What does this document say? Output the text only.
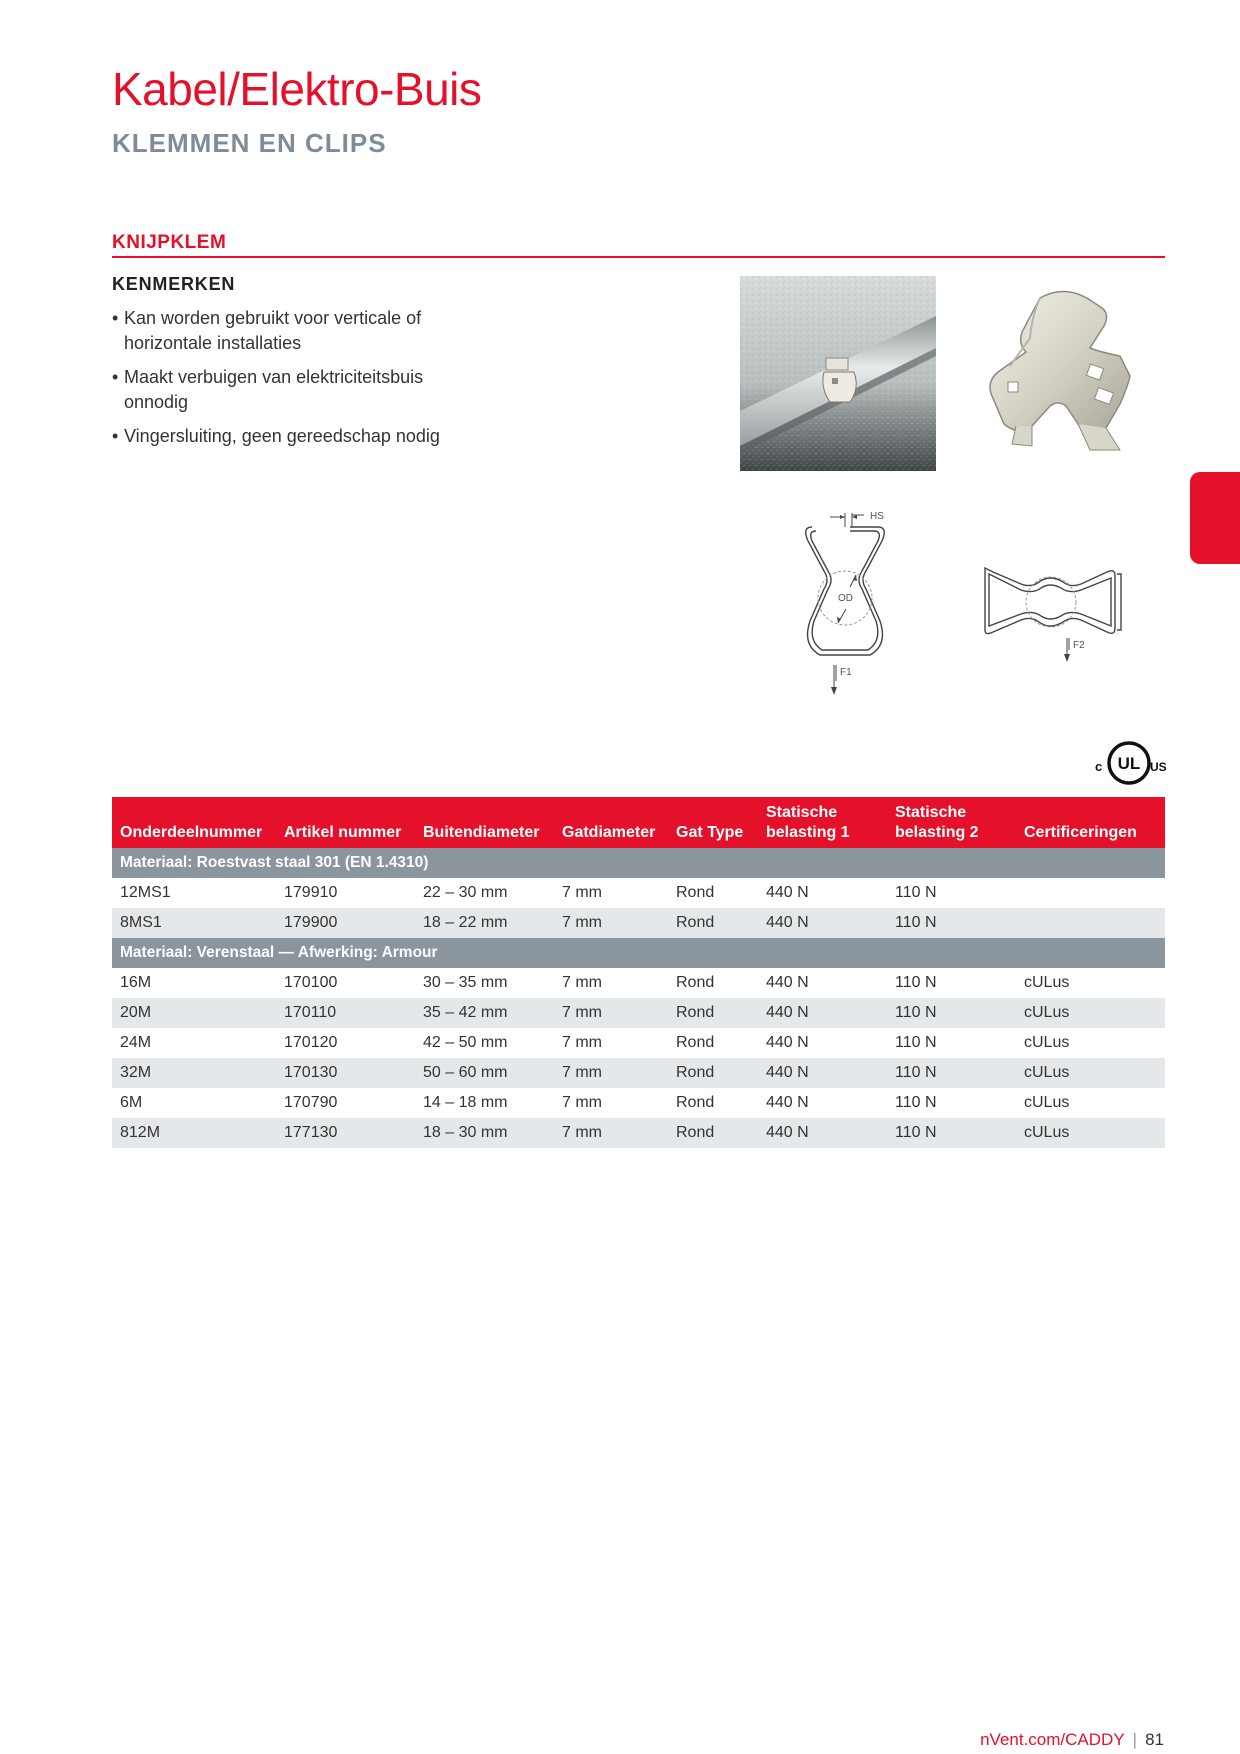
Kabel/Elektro-Buis
KLEMMEN EN CLIPS
KNIJPKLEM
KENMERKEN
• Kan worden gebruikt voor verticale of horizontale installaties
• Maakt verbuigen van elektriciteitsbuis onnodig
• Vingersluiting, geen gereedschap nodig
HS
OD
F1
F2
UL
c	US
Onderdeelnummer	Artikel nummer	Buitendiameter	Gatdiameter	Gat Type	Statische belasting 1	Statische belasting 2	Certificeringen
Materiaal: Roestvast staal 301 (EN 1.4310)							
12MS1	179910	22 – 30 mm	7 mm	Rond	440 N	110 N	
8MS1	179900	18 – 22 mm	7 mm	Rond	440 N	110 N	
Materiaal: Verenstaal — Afwerking: Armour							
16M	170100	30 – 35 mm	7 mm	Rond	440 N	110 N	cULus
20M	170110	35 – 42 mm	7 mm	Rond	440 N	110 N	cULus
24M	170120	42 – 50 mm	7 mm	Rond	440 N	110 N	cULus
32M	170130	50 – 60 mm	7 mm	Rond	440 N	110 N	cULus
6M	170790	14 – 18 mm	7 mm	Rond	440 N	110 N	cULus
812M	177130	18 – 30 mm	7 mm	Rond	440 N	110 N	cULus
nVent.com/CADDY | 81
